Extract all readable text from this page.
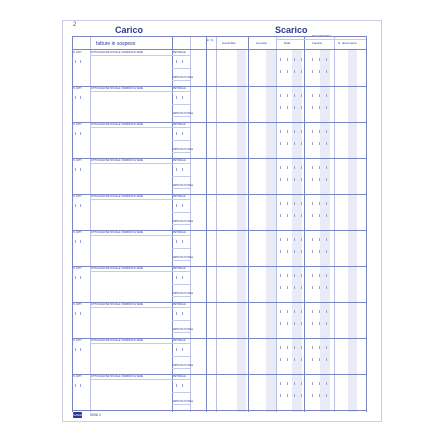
2	Carico	Scarico
PAGAMENTO
fatture in sospeso
Nr. N.
imponibile	imposta	Data	Importo	N. documento
N. FATT.	DITTA RAGIONE SOCIALE, INDIRIZZO E SEDE	PETORALE
IMPOSTA TOTALE
N. FATT.	DITTA RAGIONE SOCIALE, INDIRIZZO E SEDE	PETORALE
IMPOSTA TOTALE
N. FATT.	DITTA RAGIONE SOCIALE, INDIRIZZO E SEDE	PETORALE
IMPOSTA TOTALE
N. FATT.	DITTA RAGIONE SOCIALE, INDIRIZZO E SEDE	PETORALE
IMPOSTA TOTALE
N. FATT.	DITTA RAGIONE SOCIALE, INDIRIZZO E SEDE	PETORALE
IMPOSTA TOTALE
N. FATT.	DITTA RAGIONE SOCIALE, INDIRIZZO E SEDE	PETORALE
IMPOSTA TOTALE
N. FATT.	DITTA RAGIONE SOCIALE, INDIRIZZO E SEDE	PETORALE
IMPOSTA TOTALE
N. FATT.	DITTA RAGIONE SOCIALE, INDIRIZZO E SEDE	PETORALE
IMPOSTA TOTALE
N. FATT.	DITTA RAGIONE SOCIALE, INDIRIZZO E SEDE	PETORALE
IMPOSTA TOTALE
N. FATT.	DITTA RAGIONE SOCIALE, INDIRIZZO E SEDE	PETORALE
IMPOSTA TOTALE
buffetti 5006 4
